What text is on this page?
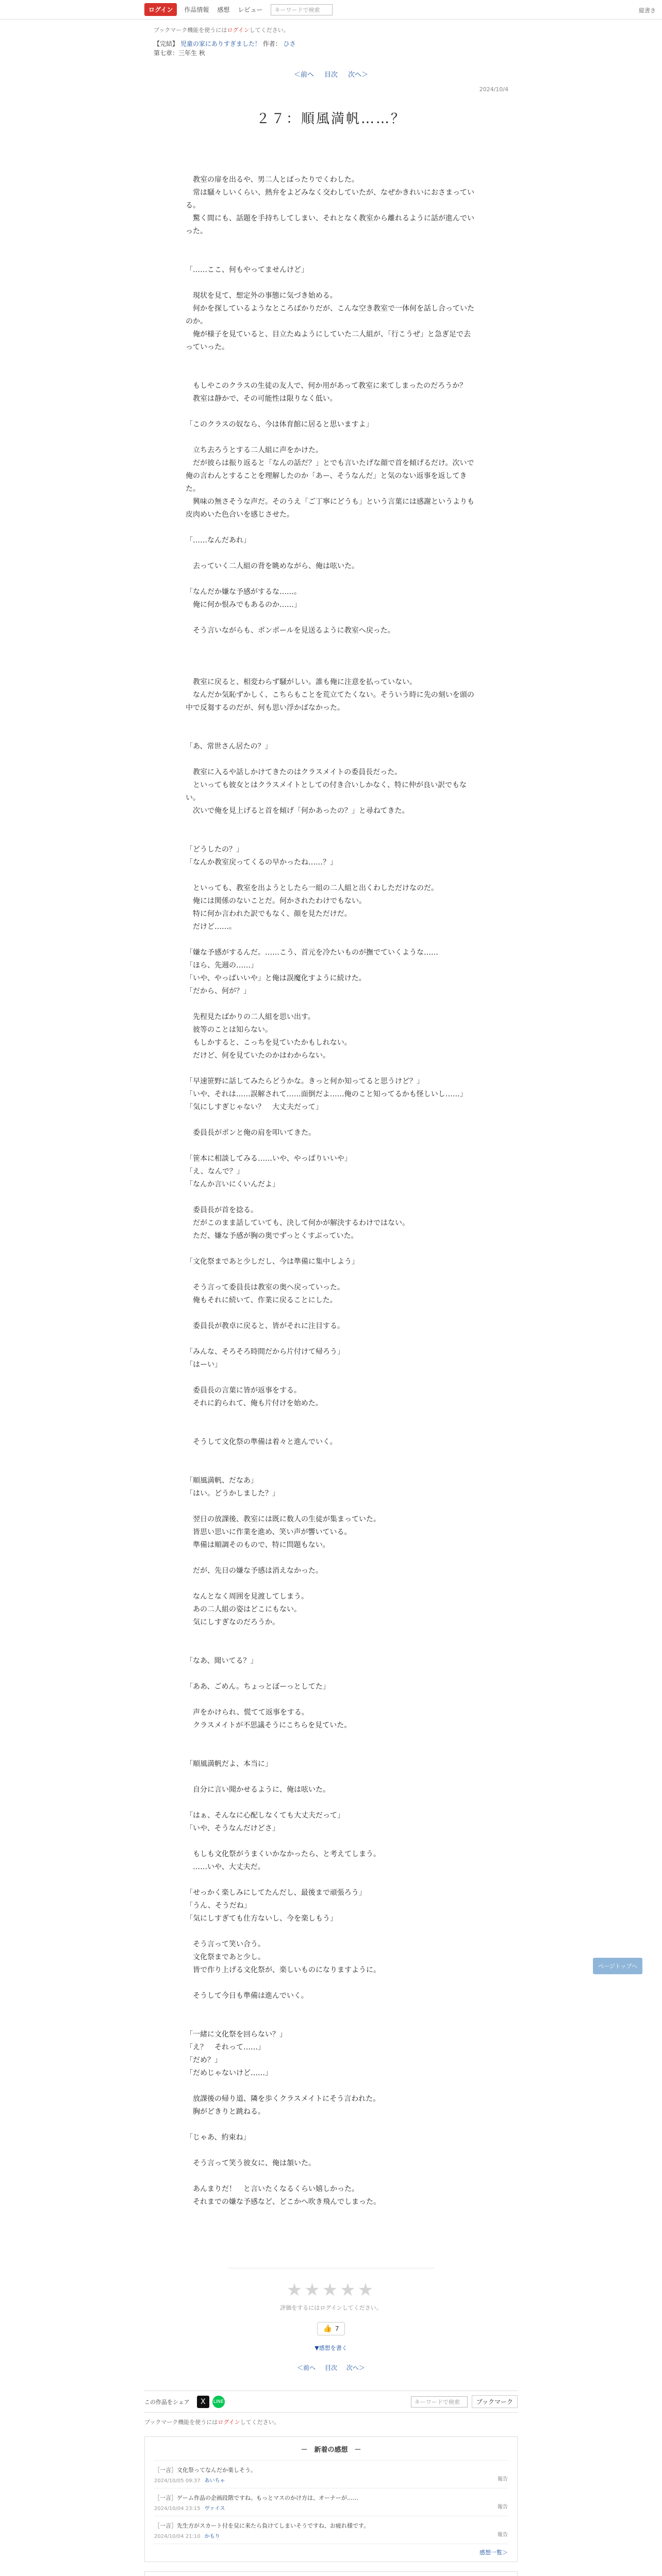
ログイン	作品情報 感想 レビュー	キーワードで検索	縦書き
ブックマーク機能を使うにはログインしてください。
【完結】 児童の家にありすぎました！ 作者： ひさ
第七章：三年生 秋
＜前へ 目次 次へ＞
2024/10/4
２７：順風満帆……？

　教室の扉を出るや、男二人とばったりでくわした。

　常は騒々しいくらい、熱弁をよどみなく交わしていたが、なぜかきれいにおさまっている。

　驚く間にも、話題を手持ちしてしまい、それとなく教室から離れるように話が進んでいった。

「……ここ、何もやってませんけど」

　現状を見て、想定外の事態に気づき始める。

　何かを探しているようなところばかりだが、こんな空き教室で一体何を話し合っていたのか。

　俺が様子を見ていると、目立たぬようにしていた二人組が、「行こうぜ」と急ぎ足で去っていった。

　もしやこのクラスの生徒の友人で、何か用があって教室に来てしまったのだろうか？

　教室は静かで、その可能性は限りなく低い。

「このクラスの奴なら、今は体育館に居ると思いますよ」

　立ち去ろうとする二人組に声をかけた。

　だが彼らは振り返ると「なんの話だ？」とでも言いたげな顔で首を傾げるだけ。次いで俺の言わんとすることを理解したのか「あー、そうなんだ」と気のない返事を返してきた。

　興味の無さそうな声だ。そのうえ「ご丁寧にどうも」という言葉には感謝というよりも皮肉めいた色合いを感じさせた。

「……なんだあれ」

　去っていく二人組の背を眺めながら、俺は呟いた。

「なんだか嫌な予感がするな……。

　俺に何か恨みでもあるのか……」

　そう言いながらも、ポンポールを見送るように教室へ戻った。

　教室に戻ると、相変わらず騒がしい。誰も俺に注意を払っていない。

　なんだか気恥ずかしく、こちらもことを荒立てたくない。そういう時に先の刻いを頭の中で反芻するのだが、何も思い浮かばなかった。

「あ、常世さん居たの？」

　教室に入るや話しかけてきたのはクラスメイトの委員長だった。

　といっても彼女とはクラスメイトとしての付き合いしかなく、特に仲が良い訳でもない。

　次いで俺を見上げると首を傾げ「何かあったの？」と尋ねてきた。

「どうしたの？」

「なんか教室戻ってくるの早かったね……？」

　といっても、教室を出ようとしたら一組の二人組と出くわしただけなのだ。

　俺には関係のないことだ。何かされたわけでもない。

　特に何か言われた訳でもなく、顔を見ただけだ。

　だけど……。

「嫌な予感がするんだ。……こう、首元を冷たいものが撫でていくような……

「ほら、先週の……」

「いや、やっぱいいや」と俺は誤魔化すように続けた。

「だから、何が？」

　先程見たばかりの二人組を思い出す。

　彼等のことは知らない。

　もしかすると、こっちを見ていたかもしれない。

　だけど、何を見ていたのかはわからない。

「早速笹野に話してみたらどうかな。きっと何か知ってると思うけど？」

「いや、それは……誤解されて……面倒だよ……俺のこと知ってるかも怪しいし……」

「気にしすぎじゃない？　大丈夫だって」

　委員長がポンと俺の肩を叩いてきた。

「笹本に相談してみる……いや、やっぱりいいや」

「え、なんで？」

「なんか言いにくいんだよ」

　委員長が首を捻る。

　だがこのまま話していても、決して何かが解決するわけではない。

　ただ、嫌な予感が胸の奥でずっとくすぶっていた。

「文化祭まであと少しだし、今は準備に集中しよう」

　そう言って委員長は教室の奥へ戻っていった。

　俺もそれに続いて、作業に戻ることにした。

　委員長が教卓に戻ると、皆がそれに注目する。

「みんな、そろそろ時間だから片付けて帰ろう」

「はーい」

　委員長の言葉に皆が返事をする。

　それに釣られて、俺も片付けを始めた。

　そうして文化祭の準備は着々と進んでいく。

「順風満帆、だなあ」

「はい。どうかしました？」

　翌日の放課後、教室には既に数人の生徒が集まっていた。

　皆思い思いに作業を進め、笑い声が響いている。

　準備は順調そのもので、特に問題もない。

　だが、先日の嫌な予感は消えなかった。

　なんとなく周囲を見渡してしまう。

　あの二人組の姿はどこにもない。

　気にしすぎなのだろうか。

「なあ、聞いてる？」

「ああ、ごめん。ちょっとぼーっとしてた」

　声をかけられ、慌てて返事をする。

　クラスメイトが不思議そうにこちらを見ていた。

「順風満帆だよ、本当に」

　自分に言い聞かせるように、俺は呟いた。

「はぁ、そんなに心配しなくても大丈夫だって」

「いや、そうなんだけどさ」

　もしも文化祭がうまくいかなかったら、と考えてしまう。

　……いや、大丈夫だ。

「せっかく楽しみにしてたんだし、最後まで頑張ろう」

「うん、そうだね」

「気にしすぎても仕方ないし、今を楽しもう」

　そう言って笑い合う。

　文化祭まであと少し。

　皆で作り上げる文化祭が、楽しいものになりますように。

　そうして今日も準備は進んでいく。

「一緒に文化祭を回らない？」

「え？　それって……」

「だめ？」

「だめじゃないけど……」

　放課後の帰り道、隣を歩くクラスメイトにそう言われた。

　胸がどきりと跳ねる。

「じゃあ、約束ね」

　そう言って笑う彼女に、俺は頷いた。

　あんまりだ！　と言いたくなるくらい嬉しかった。

　それまでの嫌な予感など、どこかへ吹き飛んでしまった。

★★★★★
評価をするにはログインしてください。
👍 7
▼感想を書く
＜前へ 目次 次へ＞
この作品をシェア	X	LINE	キーワードで検索	ブックマーク
ブックマーク機能を使うにはログインしてください。
－　新着の感想　－
［一言］文化祭ってなんだか楽しそう。
2024/10/05 09:37 あいちゃ	報告
［一言］ゲーム作品の企画段階ですね。もっとマスのかけ方は、オーナーが……
2024/10/04 23:15 ヴァイス	報告
［一言］先生方がスカート付を見に来たら負けてしまいそうですね、お疲れ様です。
2024/10/04 21:10 かもり	報告
感想一覧＞
ページトップへ
